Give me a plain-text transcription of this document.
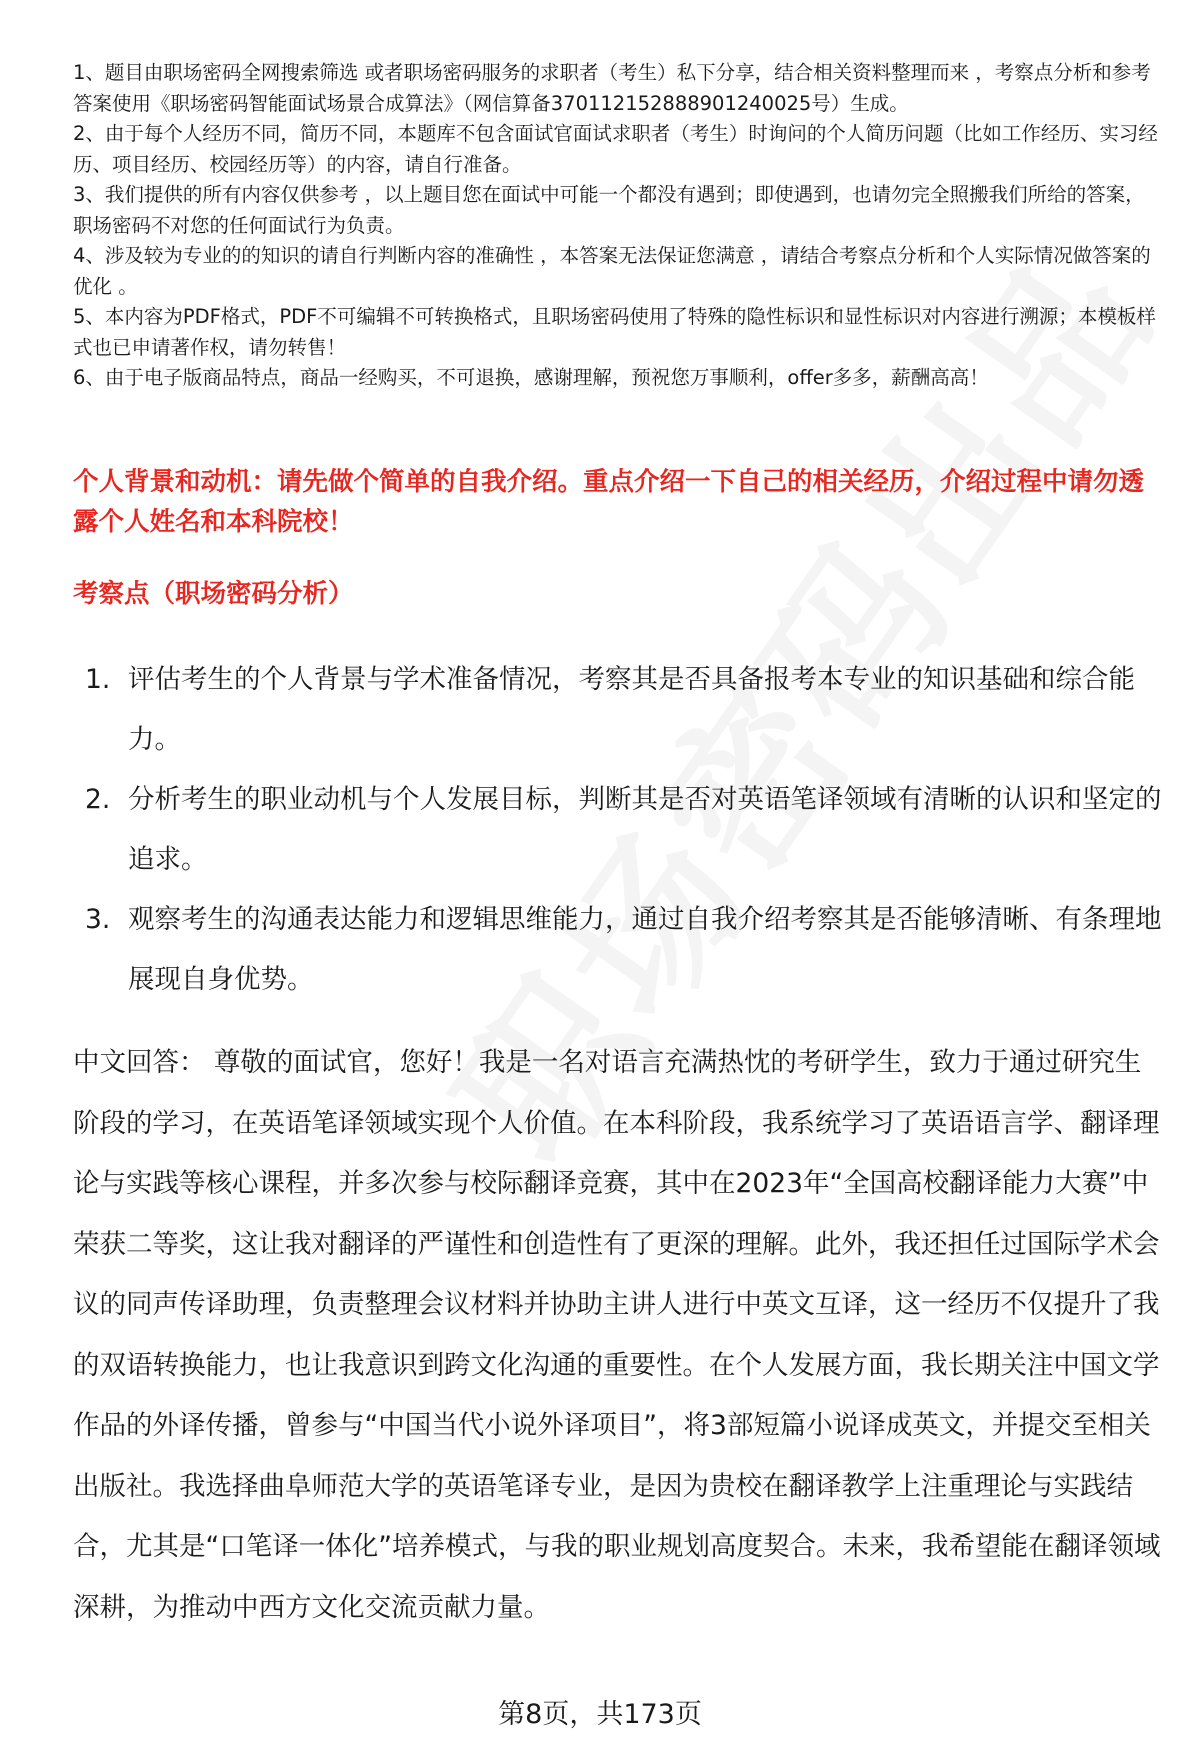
1、题目由职场密码全网搜索筛选 或者职场密码服务的求职者（考生）私下分享，结合相关资料整理而来 ，考察点分析和参考答案使用《职场密码智能面试场景合成算法》（网信算备370112152888901240025号）生成。

2、由于每个人经历不同，简历不同，本题库不包含面试官面试求职者（考生）时询问的个人简历问题（比如工作经历、实习经历、项目经历、校园经历等）的内容，请自行准备。

3、我们提供的所有内容仅供参考 ，以上题目您在面试中可能一个都没有遇到；即使遇到，也请勿完全照搬我们所给的答案，职场密码不对您的任何面试行为负责。

4、涉及较为专业的的知识的请自行判断内容的准确性 ，本答案无法保证您满意 ，请结合考察点分析和个人实际情况做答案的优化 。

5、本内容为PDF格式，PDF不可编辑不可转换格式，且职场密码使用了特殊的隐性标识和显性标识对内容进行溯源；本模板样式也已申请著作权，请勿转售！

6、由于电子版商品特点，商品一经购买，不可退换，感谢理解，预祝您万事顺利，offer多多，薪酬高高！

个人背景和动机：请先做个简单的自我介绍。重点介绍一下自己的相关经历，介绍过程中请勿透露个人姓名和本科院校！
考察点（职场密码分析）
1. 评估考生的个人背景与学术准备情况，考察其是否具备报考本专业的知识基础和综合能力。
2. 分析考生的职业动机与个人发展目标，判断其是否对英语笔译领域有清晰的认识和坚定的追求。
3. 观察考生的沟通表达能力和逻辑思维能力，通过自我介绍考察其是否能够清晰、有条理地展现自身优势。
中文回答： 尊敬的面试官，您好！我是一名对语言充满热忱的考研学生，致力于通过研究生阶段的学习，在英语笔译领域实现个人价值。在本科阶段，我系统学习了英语语言学、翻译理论与实践等核心课程，并多次参与校际翻译竞赛，其中在2023年“全国高校翻译能力大赛”中荣获二等奖，这让我对翻译的严谨性和创造性有了更深的理解。此外，我还担任过国际学术会议的同声传译助理，负责整理会议材料并协助主讲人进行中英文互译，这一经历不仅提升了我的双语转换能力，也让我意识到跨文化沟通的重要性。在个人发展方面，我长期关注中国文学作品的外译传播，曾参与“中国当代小说外译项目”，将3部短篇小说译成英文，并提交至相关出版社。我选择曲阜师范大学的英语笔译专业，是因为贵校在翻译教学上注重理论与实践结合，尤其是“口笔译一体化”培养模式，与我的职业规划高度契合。未来，我希望能在翻译领域深耕，为推动中西方文化交流贡献力量。
第8页，共173页
